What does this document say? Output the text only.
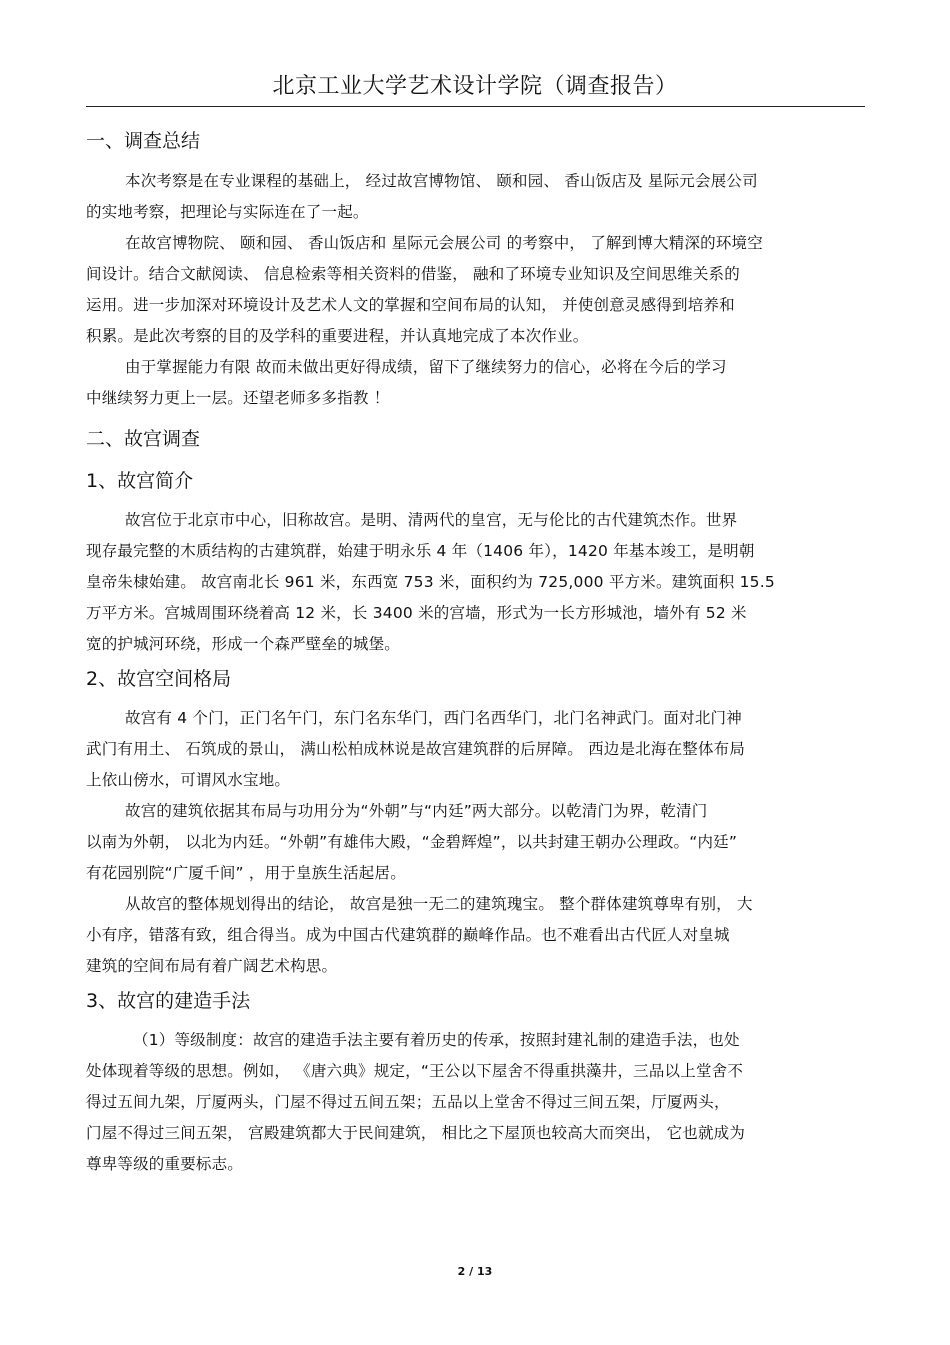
北京工业大学艺术设计学院（调查报告）
一、调查总结
本次考察是在专业课程的基础上， 经过故宫博物馆、 颐和园、 香山饭店及 星际元会展公司
的实地考察，把理论与实际连在了一起。
在故宫博物院、 颐和园、 香山饭店和 星际元会展公司 的考察中， 了解到博大精深的环境空
间设计。结合文献阅读、 信息检索等相关资料的借鉴， 融和了环境专业知识及空间思维关系的
运用。进一步加深对环境设计及艺术人文的掌握和空间布局的认知， 并使创意灵感得到培养和
积累。是此次考察的目的及学科的重要进程，并认真地完成了本次作业。
由于掌握能力有限 故而未做出更好得成绩，留下了继续努力的信心，必将在今后的学习
中继续努力更上一层。还望老师多多指教 ！
二、故宫调查
1、故宫简介
故宫位于北京市中心，旧称故宫。是明、清两代的皇宫，无与伦比的古代建筑杰作。世界
现存最完整的木质结构的古建筑群，始建于明永乐 4 年（1406 年），1420 年基本竣工，是明朝
皇帝朱棣始建。 故宫南北长 961 米，东西宽 753 米，面积约为 725,000 平方米。建筑面积 15.5
万平方米。宫城周围环绕着高 12 米，长 3400 米的宫墙，形式为一长方形城池，墙外有 52 米
宽的护城河环绕，形成一个森严壁垒的城堡。
2、故宫空间格局
故宫有 4 个门，正门名午门，东门名东华门，西门名西华门，北门名神武门。面对北门神
武门有用土、 石筑成的景山， 满山松柏成林说是故宫建筑群的后屏障。 西边是北海在整体布局
上依山傍水，可谓风水宝地。
故宫的建筑依据其布局与功用分为“外朝”与“内廷”两大部分。以乾清门为界，乾清门
以南为外朝， 以北为内廷。“外朝”有雄伟大殿，“金碧辉煌”，以共封建王朝办公理政。“内廷”
有花园别院“广厦千间” ，用于皇族生活起居。
从故宫的整体规划得出的结论， 故宫是独一无二的建筑瑰宝。 整个群体建筑尊卑有别， 大
小有序，错落有致，组合得当。成为中国古代建筑群的巅峰作品。也不难看出古代匠人对皇城
建筑的空间布局有着广阔艺术构思。
3、故宫的建造手法
（1）等级制度：故宫的建造手法主要有着历史的传承，按照封建礼制的建造手法，也处
处体现着等级的思想。例如， 《唐六典》规定，“王公以下屋舍不得重拱藻井，三品以上堂舍不
得过五间九架，厅厦两头，门屋不得过五间五架；五品以上堂舍不得过三间五架，厅厦两头，
门屋不得过三间五架， 宫殿建筑都大于民间建筑， 相比之下屋顶也较高大而突出， 它也就成为
尊卑等级的重要标志。
2 / 13
